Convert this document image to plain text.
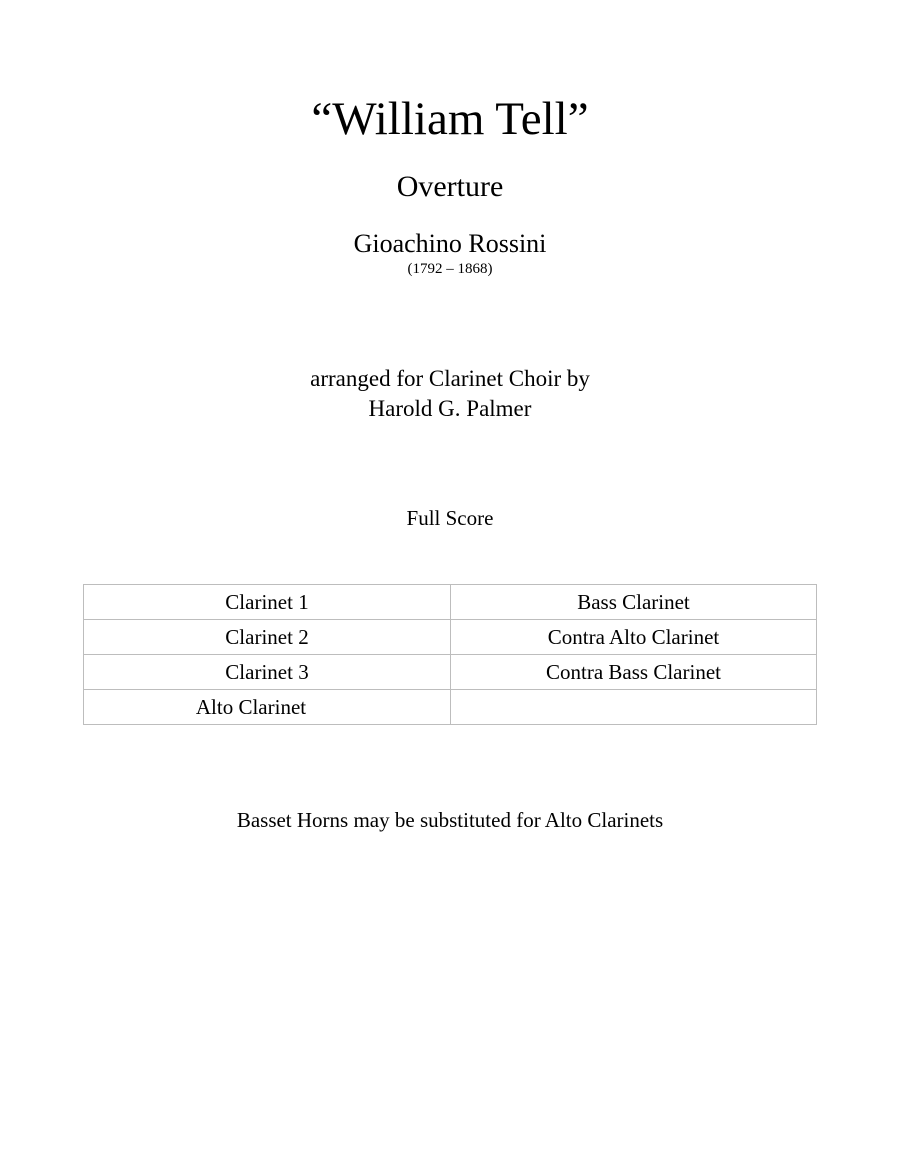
“William Tell”
Overture
Gioachino Rossini
(1792 – 1868)
arranged for Clarinet Choir by
Harold G. Palmer
Full Score
Clarinet 1	Bass Clarinet
Clarinet 2	Contra Alto Clarinet
Clarinet 3	Contra Bass Clarinet
Alto Clarinet	
Basset Horns may be substituted for Alto Clarinets
